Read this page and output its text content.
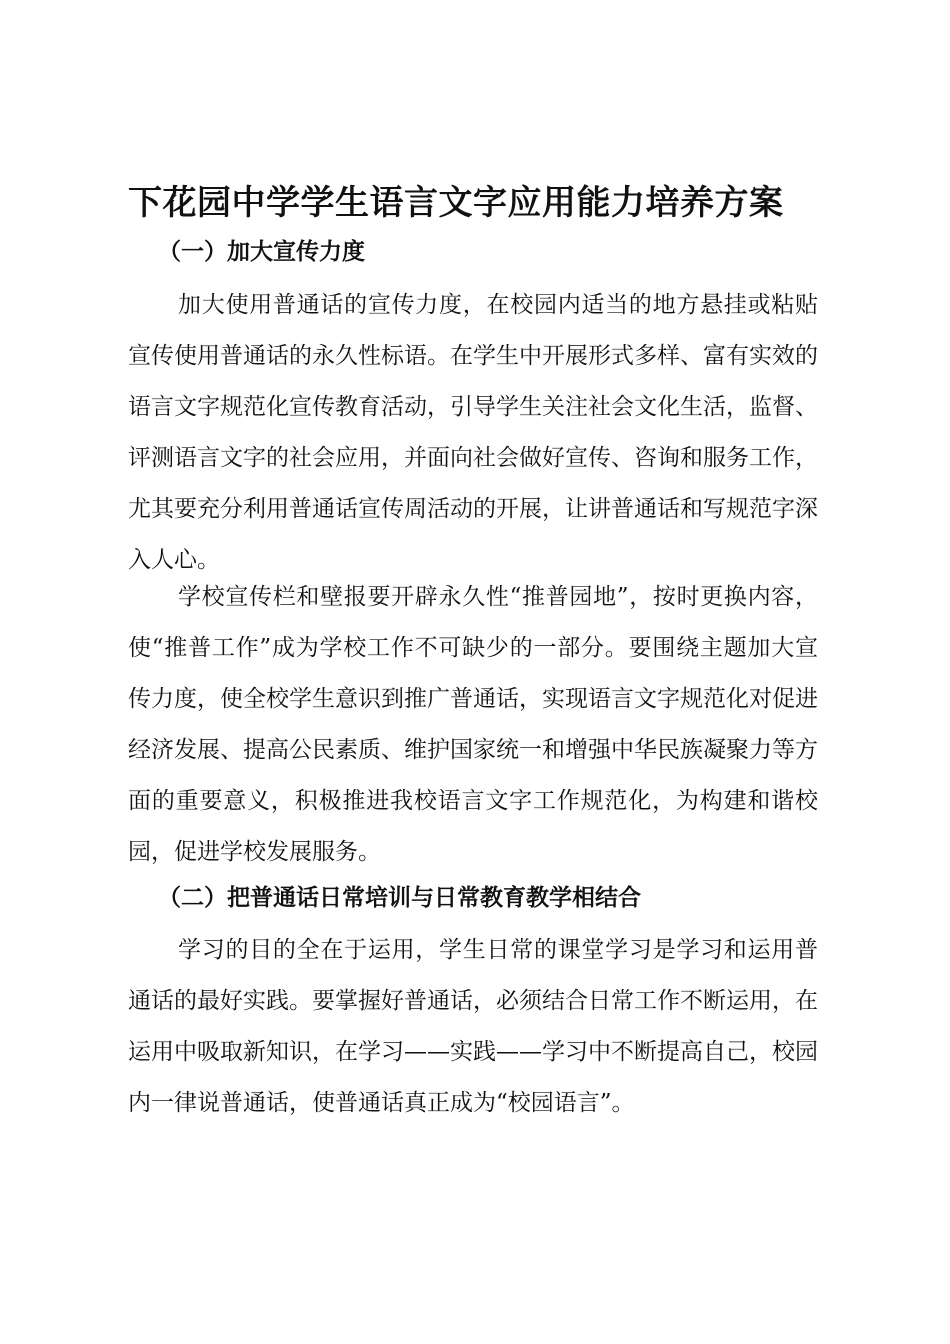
下花园中学学生语言文字应用能力培养方案
（一）加大宣传力度

加大使用普通话的宣传力度，在校园内适当的地方悬挂或粘贴宣传使用普通话的永久性标语。在学生中开展形式多样、富有实效的语言文字规范化宣传教育活动，引导学生关注社会文化生活，监督、评测语言文字的社会应用，并面向社会做好宣传、咨询和服务工作，尤其要充分利用普通话宣传周活动的开展，让讲普通话和写规范字深入人心。

学校宣传栏和壁报要开辟永久性“推普园地”，按时更换内容，使“推普工作”成为学校工作不可缺少的一部分。要围绕主题加大宣传力度，使全校学生意识到推广普通话，实现语言文字规范化对促进经济发展、提高公民素质、维护国家统一和增强中华民族凝聚力等方面的重要意义，积极推进我校语言文字工作规范化，为构建和谐校园，促进学校发展服务。

（二）把普通话日常培训与日常教育教学相结合

学习的目的全在于运用，学生日常的课堂学习是学习和运用普通话的最好实践。要掌握好普通话，必须结合日常工作不断运用，在运用中吸取新知识，在学习——实践——学习中不断提高自己，校园内一律说普通话，使普通话真正成为“校园语言”。
